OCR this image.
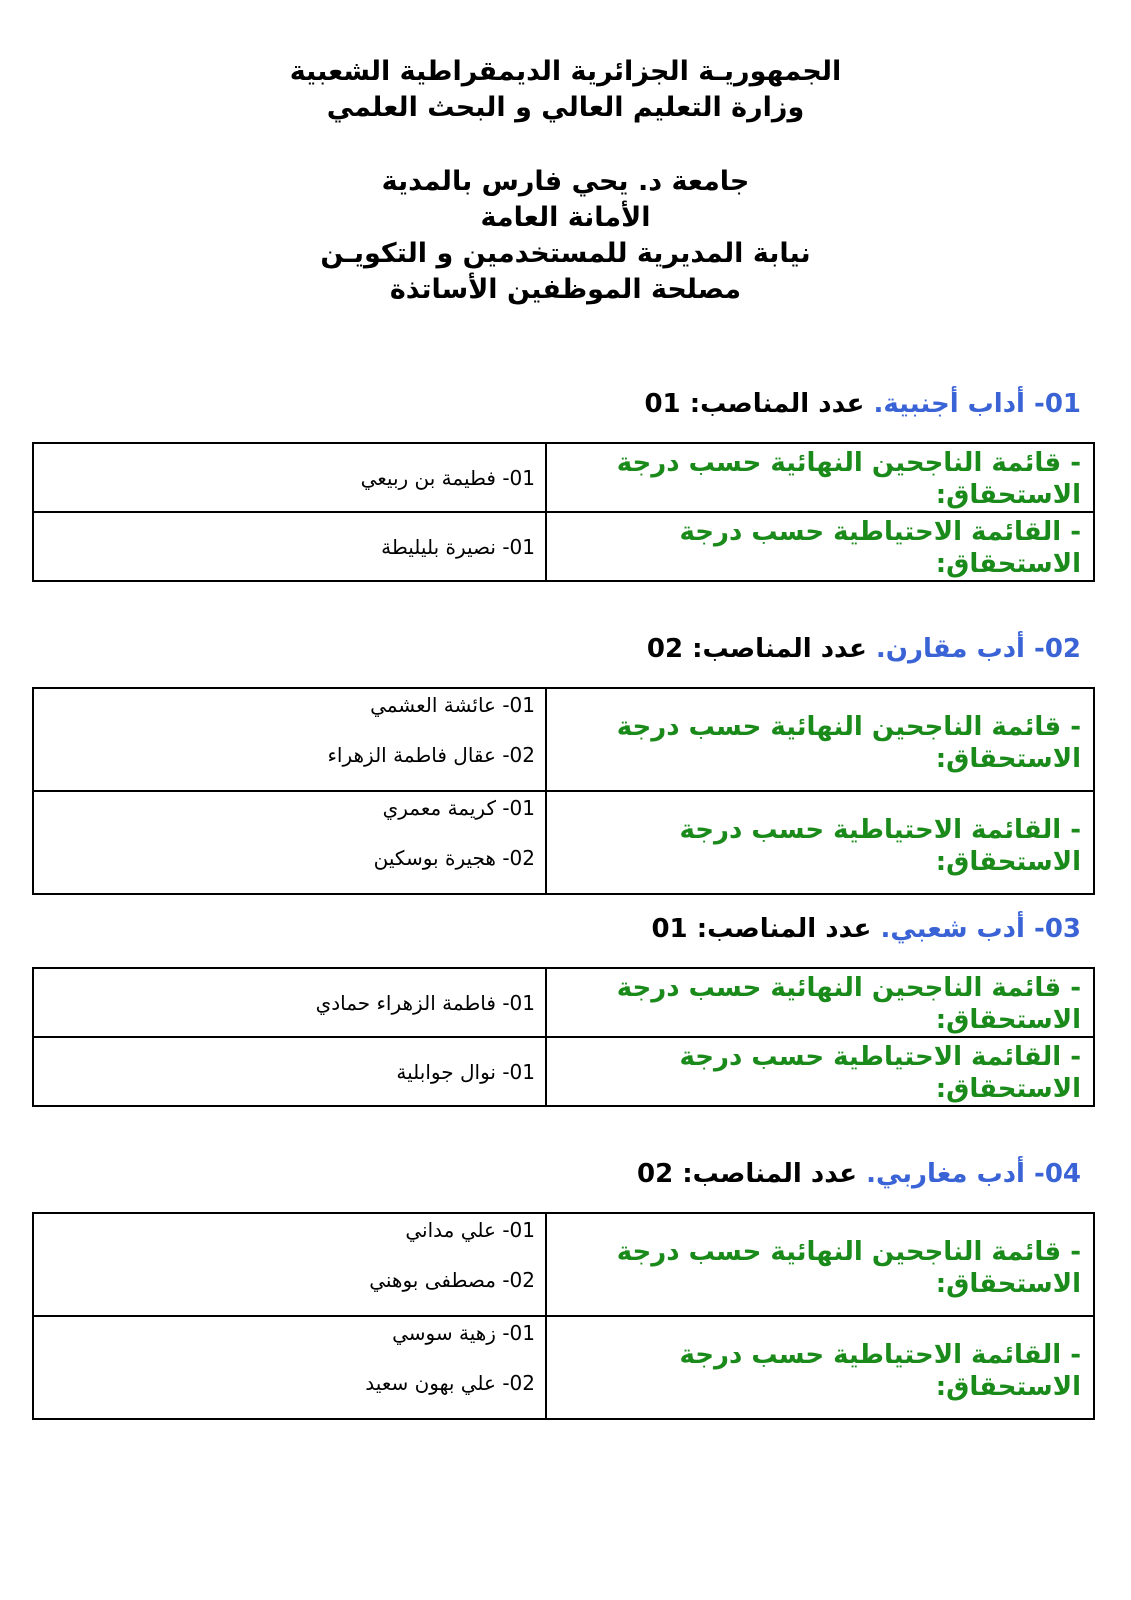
الجمهوريـة الجزائرية الديمقراطية الشعبية
وزارة التعليم العالي و البحث العلمي
جامعة د. يحي فارس بالمدية
الأمانة العامة
نيابة المديرية للمستخدمين و التكويـن
مصلحة الموظفين الأساتذة
01- أداب أجنبية. عدد المناصب: 01
- قائمة الناجحين النهائية حسب درجة الاستحقاق:	01- فطيمة بن ربيعي

- القائمة الاحتياطية حسب درجة الاستحقاق:	01- نصيرة بليليطة
02- أدب مقارن. عدد المناصب: 02
- قائمة الناجحين النهائية حسب درجة الاستحقاق:	01- عائشة العشمي
02- عقال فاطمة الزهراء

- القائمة الاحتياطية حسب درجة الاستحقاق:	01- كريمة معمري
02- هجيرة بوسكين
03- أدب شعبي. عدد المناصب: 01
- قائمة الناجحين النهائية حسب درجة الاستحقاق:	01- فاطمة الزهراء حمادي

- القائمة الاحتياطية حسب درجة الاستحقاق:	01- نوال جوابلية
04- أدب مغاربي. عدد المناصب: 02
- قائمة الناجحين النهائية حسب درجة الاستحقاق:	01- علي مداني
02- مصطفى بوهني

- القائمة الاحتياطية حسب درجة الاستحقاق:	01- زهية سوسي
02- علي بهون سعيد
